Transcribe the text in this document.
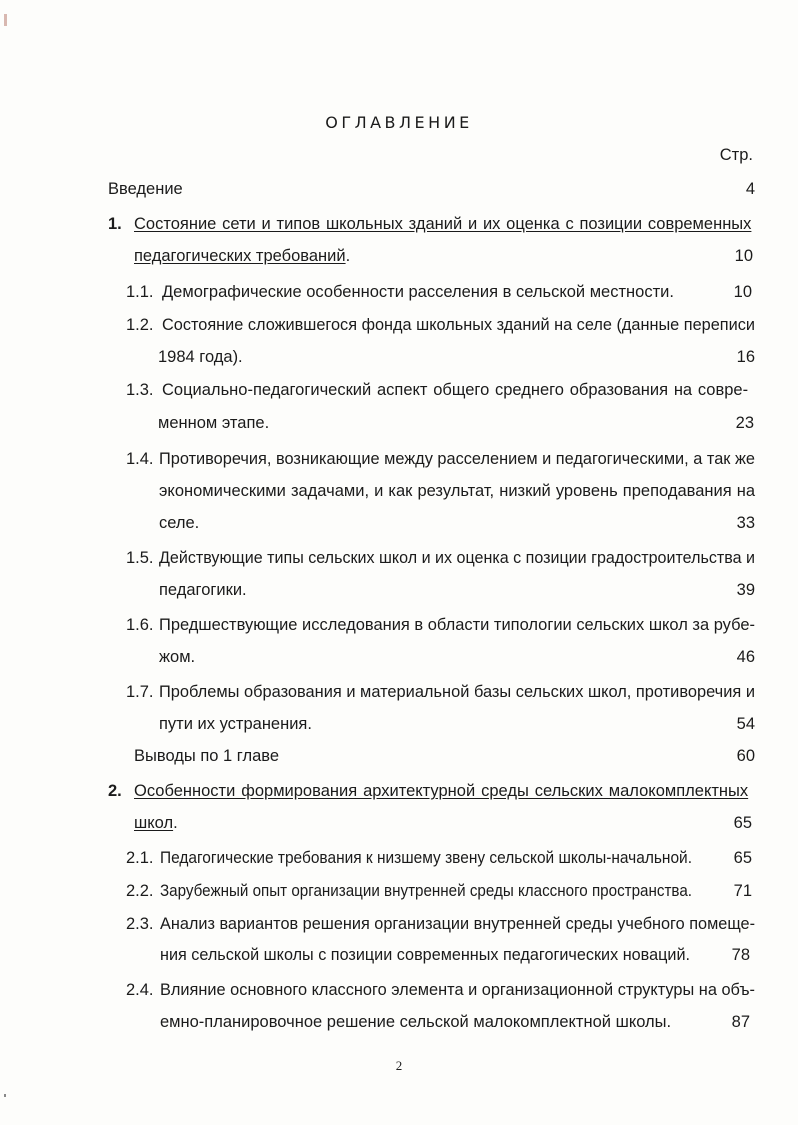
ОГЛАВЛЕНИЕ
Стр.
Введение	4
1. Состояние сети и типов школьных зданий и их оценка с позиции современных
педагогических требований.	10
1.1. Демографические особенности расселения в сельской местности.	10
1.2. Состояние сложившегося фонда школьных зданий на селе (данные переписи
1984 года).	16
1.3. Социально-педагогический аспект общего среднего образования на совре-
менном этапе.	23
1.4. Противоречия, возникающие между расселением и педагогическими, а так же
экономическими задачами, и как результат, низкий уровень преподавания на
селе.	33
1.5. Действующие типы сельских школ и их оценка с позиции градостроительства и
педагогики.	39
1.6. Предшествующие исследования в области типологии сельских школ за рубе-
жом.	46
1.7. Проблемы образования и материальной базы сельских школ, противоречия и
пути их устранения.	54
Выводы по 1 главе	60
2. Особенности формирования архитектурной среды сельских малокомплектных
школ.	65
2.1. Педагогические требования к низшему звену сельской школы-начальной.	65
2.2. Зарубежный опыт организации внутренней среды классного пространства.	71
2.3. Анализ вариантов решения организации внутренней среды учебного помеще-
ния сельской школы с позиции современных педагогических новаций.	78
2.4. Влияние основного классного элемента и организационной структуры на объ-
емно-планировочное решение сельской малокомплектной школы.	87
2
